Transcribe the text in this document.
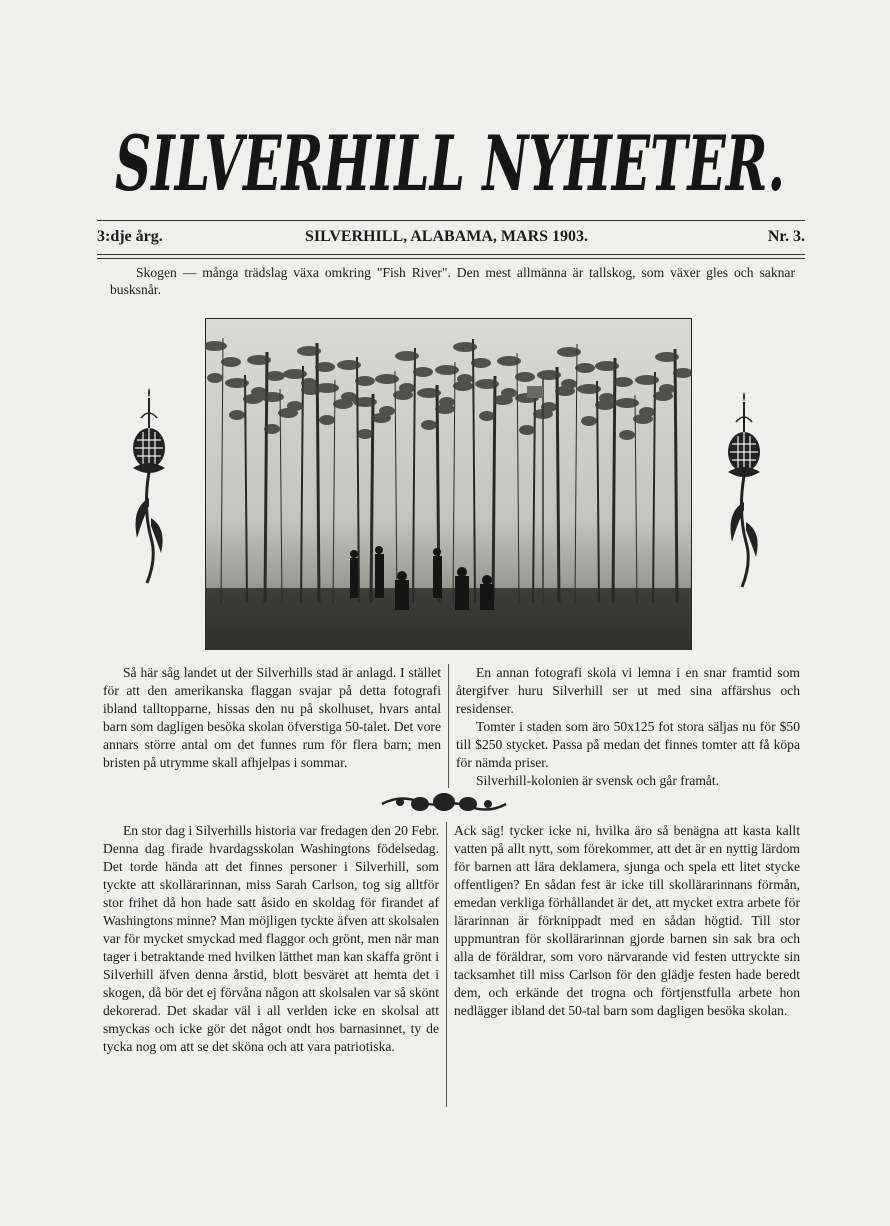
SILVERHILL NYHETER.
3:dje årg.	SILVERHILL, ALABAMA, MARS 1903.	Nr. 3.
Skogen — många trädslag växa omkring "Fish River". Den mest allmänna är tallskog, som växer gles och saknar busksnår.

Så här såg landet ut der Silverhills stad är anlagd. I stället för att den amerikanska flaggan svajar på detta fotografi ibland talltopparne, hissas den nu på skolhuset, hvars antal barn som dagligen besöka skolan öfverstiga 50-talet. Det vore annars större antal om det funnes rum för flera barn; men bristen på utrymme skall afhjelpas i sommar.

En annan fotografi skola vi lemna i en snar framtid som återgifver huru Silverhill ser ut med sina affärshus och residenser.

Tomter i staden som äro 50x125 fot stora säljas nu för $50 till $250 stycket. Passa på medan det finnes tomter att få köpa för nämda priser.

Silverhill-kolonien är svensk och går framåt.

En stor dag i Silverhills historia var fredagen den 20 Febr. Denna dag firade hvardagsskolan Washingtons födelsedag. Det torde hända att det finnes personer i Silverhill, som tyckte att skollärarinnan, miss Sarah Carlson, tog sig alltför stor frihet då hon hade satt åsido en skoldag för firandet af Washingtons minne? Man möjligen tyckte äfven att skolsalen var för mycket smyckad med flaggor och grönt, men när man tager i betraktande med hvilken lätthet man kan skaffa grönt i Silverhill äfven denna årstid, blott besväret att hemta det i skogen, då bör det ej förvåna någon att skolsalen var så skönt dekorerad. Det skadar väl i all verlden icke en skolsal att smyckas och icke gör det något ondt hos barnasinnet, ty de tycka nog om att se det sköna och att vara patriotiska.

Ack säg! tycker icke ni, hvilka äro så benägna att kasta kallt vatten på allt nytt, som förekommer, att det är en nyttig lärdom för barnen att lära deklamera, sjunga och spela ett litet stycke offentligen? En sådan fest är icke till skollärarinnans förmån, emedan verkliga förhållandet är det, att mycket extra arbete för lärarinnan är förknippadt med en sådan högtid. Till stor uppmuntran för skollärarinnan gjorde barnen sin sak bra och alla de föräldrar, som voro närvarande vid festen uttryckte sin tacksamhet till miss Carlson för den glädje festen hade beredt dem, och erkände det trogna och förtjenstfulla arbete hon nedlägger ibland det 50-tal barn som dagligen besöka skolan.
